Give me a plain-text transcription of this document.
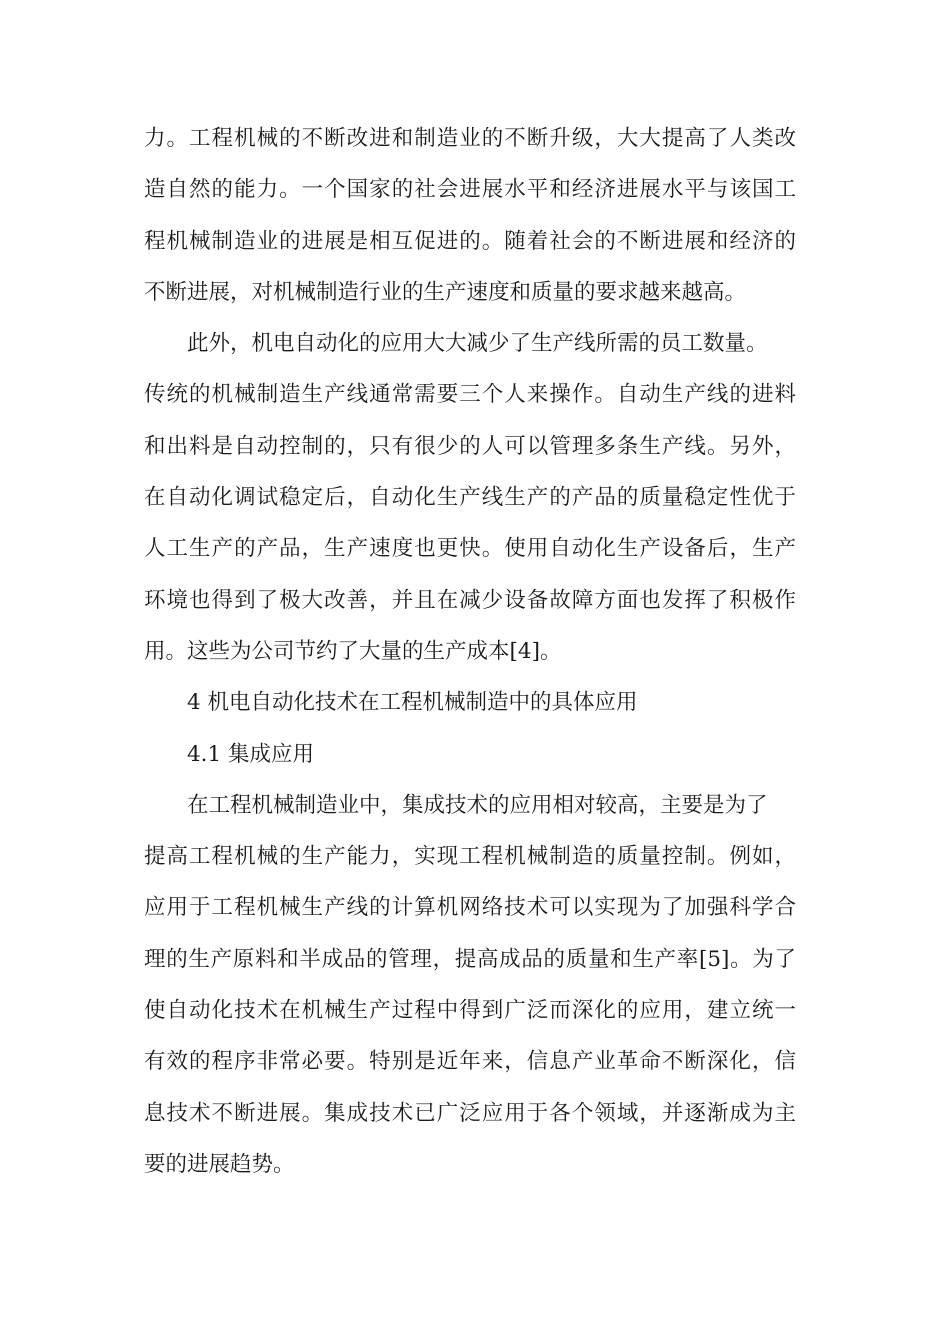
力。工程机械的不断改进和制造业的不断升级，大大提高了人类改
造自然的能力。一个国家的社会进展水平和经济进展水平与该国工
程机械制造业的进展是相互促进的。随着社会的不断进展和经济的
不断进展，对机械制造行业的生产速度和质量的要求越来越高。
此外，机电自动化的应用大大减少了生产线所需的员工数量。
传统的机械制造生产线通常需要三个人来操作。自动生产线的进料
和出料是自动控制的，只有很少的人可以管理多条生产线。另外，
在自动化调试稳定后，自动化生产线生产的产品的质量稳定性优于
人工生产的产品，生产速度也更快。使用自动化生产设备后，生产
环境也得到了极大改善，并且在减少设备故障方面也发挥了积极作
用。这些为公司节约了大量的生产成本[4]。
4 机电自动化技术在工程机械制造中的具体应用
4.1 集成应用
在工程机械制造业中，集成技术的应用相对较高，主要是为了
提高工程机械的生产能力，实现工程机械制造的质量控制。例如，
应用于工程机械生产线的计算机网络技术可以实现为了加强科学合
理的生产原料和半成品的管理，提高成品的质量和生产率[5]。为了
使自动化技术在机械生产过程中得到广泛而深化的应用，建立统一
有效的程序非常必要。特别是近年来，信息产业革命不断深化，信
息技术不断进展。集成技术已广泛应用于各个领域，并逐渐成为主
要的进展趋势。
